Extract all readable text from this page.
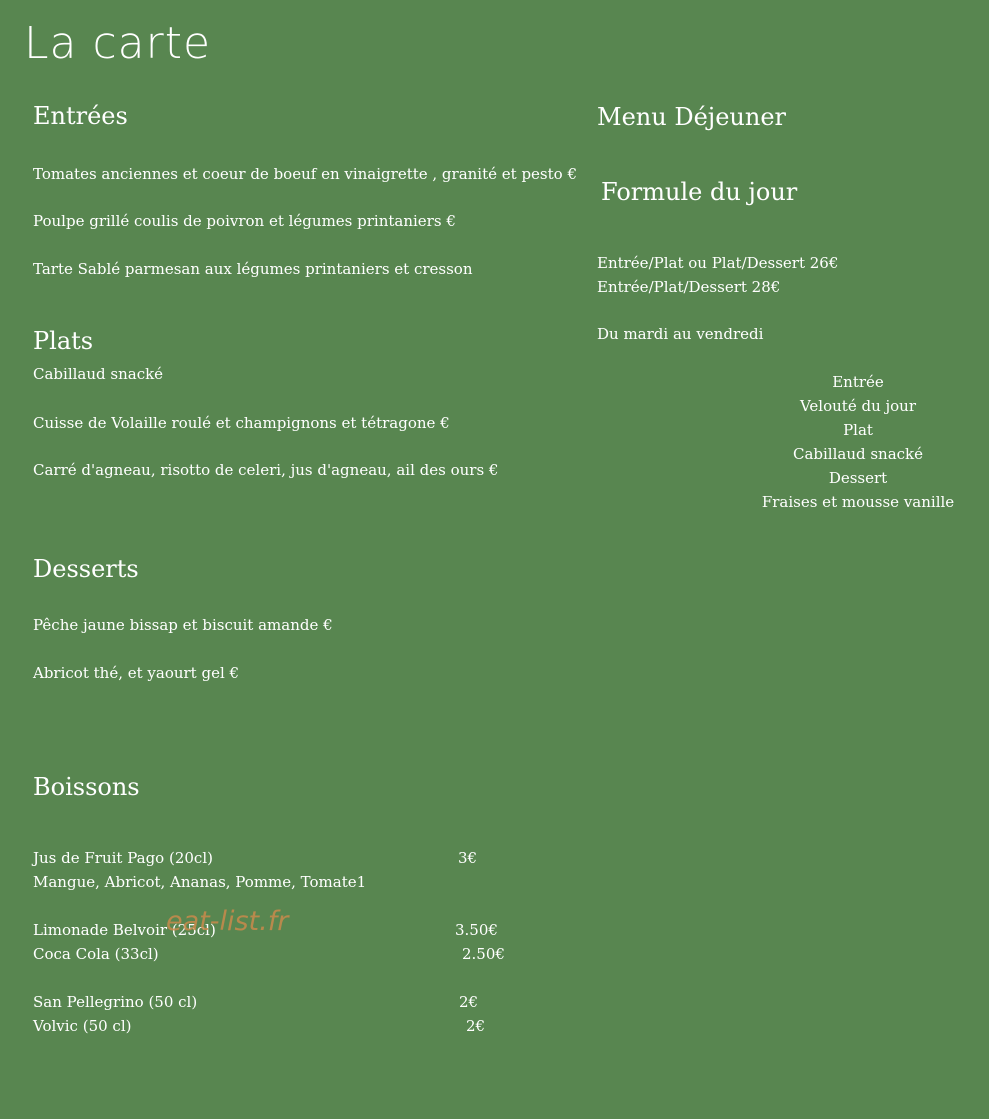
La carte
Entrées
Tomates anciennes et coeur de boeuf en vinaigrette , granité et pesto €
Poulpe grillé coulis de poivron et légumes printaniers €
Tarte Sablé parmesan aux légumes printaniers et cresson
Plats
Cabillaud snacké
Cuisse de Volaille roulé et champignons et tétragone €
Carré d'agneau, risotto de celeri, jus d'agneau, ail des ours €
Desserts
Pêche jaune bissap et biscuit amande €
Abricot thé, et yaourt gel €
Boissons
Jus de Fruit Pago (20cl)	3€
Mangue, Abricot, Ananas, Pomme, Tomate1
Limonade Belvoir (25cl)	3.50€
Coca Cola (33cl)	2.50€
San Pellegrino (50 cl)	2€
Volvic (50 cl)	2€
Menu Déjeuner
Formule du jour
Entrée/Plat ou Plat/Dessert 26€
Entrée/Plat/Dessert 28€
Du mardi au vendredi
Entrée
Velouté du jour
Plat
Cabillaud snacké
Dessert
Fraises et mousse vanille
eat-list.fr
